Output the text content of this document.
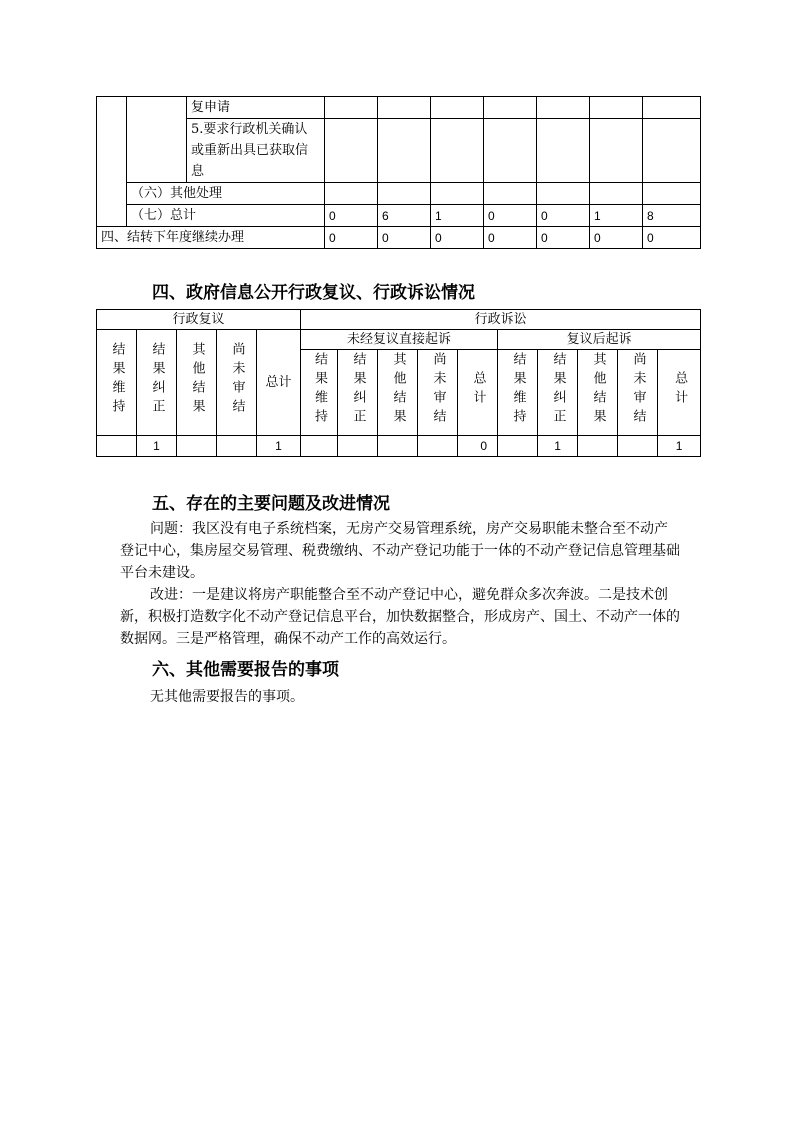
		复申请							
		5.要求行政机关确认或重新出具已获取信息							
	（六）其他处理								
	（七）总计		0	6	1	0	0	1	8
四、结转下年度继续办理			0	0	0	0	0	0	0
四、政府信息公开行政复议、行政诉讼情况
行政复议					行政诉讼									
结果维持	结果纠正	其他结果	尚未审结	总计	未经复议直接起诉					复议后起诉				
					结果维持	结果纠正	其他结果	尚未审结	总计	结果维持	结果纠正	其他结果	尚未审结	总计
	1			1					0		1			1
五、存在的主要问题及改进情况

问题：我区没有电子系统档案，无房产交易管理系统，房产交易职能未整合至不动产登记中心，集房屋交易管理、税费缴纳、不动产登记功能于一体的不动产登记信息管理基础平台未建设。

改进：一是建议将房产职能整合至不动产登记中心，避免群众多次奔波。二是技术创新，积极打造数字化不动产登记信息平台，加快数据整合，形成房产、国土、不动产一体的数据网。三是严格管理，确保不动产工作的高效运行。

六、其他需要报告的事项

无其他需要报告的事项。
